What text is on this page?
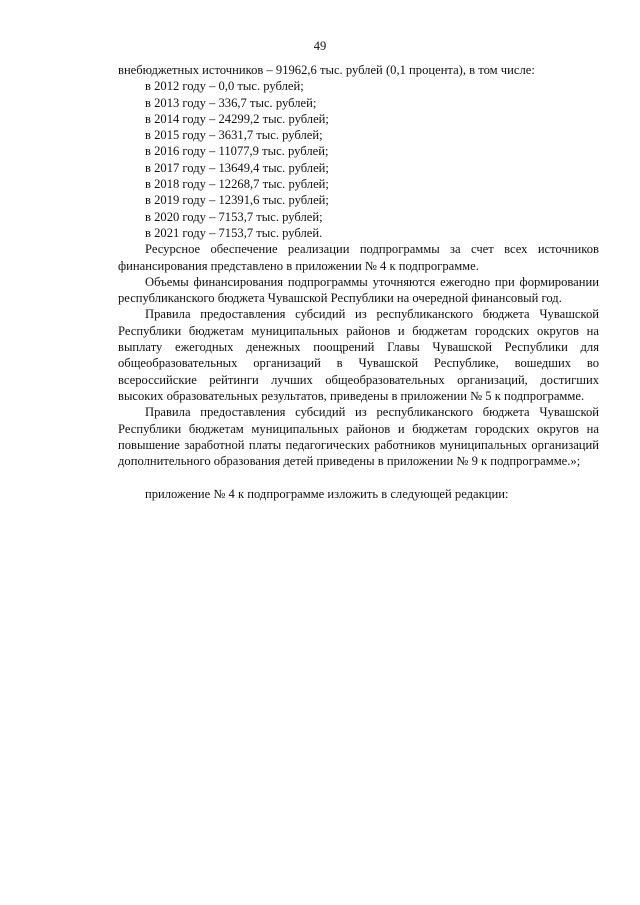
49

внебюджетных источников – 91962,6 тыс. рублей (0,1 процента), в том числе:

в 2012 году – 0,0 тыс. рублей;
в 2013 году – 336,7 тыс. рублей;
в 2014 году – 24299,2 тыс. рублей;
в 2015 году – 3631,7 тыс. рублей;
в 2016 году – 11077,9 тыс. рублей;
в 2017 году – 13649,4 тыс. рублей;
в 2018 году – 12268,7 тыс. рублей;
в 2019 году – 12391,6 тыс. рублей;
в 2020 году – 7153,7 тыс. рублей;
в 2021 году – 7153,7 тыс. рублей.

Ресурсное обеспечение реализации подпрограммы за счет всех источников финансирования представлено в приложении № 4 к подпрограмме.

Объемы финансирования подпрограммы уточняются ежегодно при формировании республиканского бюджета Чувашской Республики на очередной финансовый год.

Правила предоставления субсидий из республиканского бюджета Чувашской Республики бюджетам муниципальных районов и бюджетам городских округов на выплату ежегодных денежных поощрений Главы Чувашской Республики для общеобразовательных организаций в Чувашской Республике, вошедших во всероссийские рейтинги лучших общеобразовательных организаций, достигших высоких образовательных результатов, приведены в приложении № 5 к подпрограмме.

Правила предоставления субсидий из республиканского бюджета Чувашской Республики бюджетам муниципальных районов и бюджетам городских округов на повышение заработной платы педагогических работников муниципальных организаций дополнительного образования детей приведены в приложении № 9 к подпрограмме.»;

приложение № 4 к подпрограмме изложить в следующей редакции:
